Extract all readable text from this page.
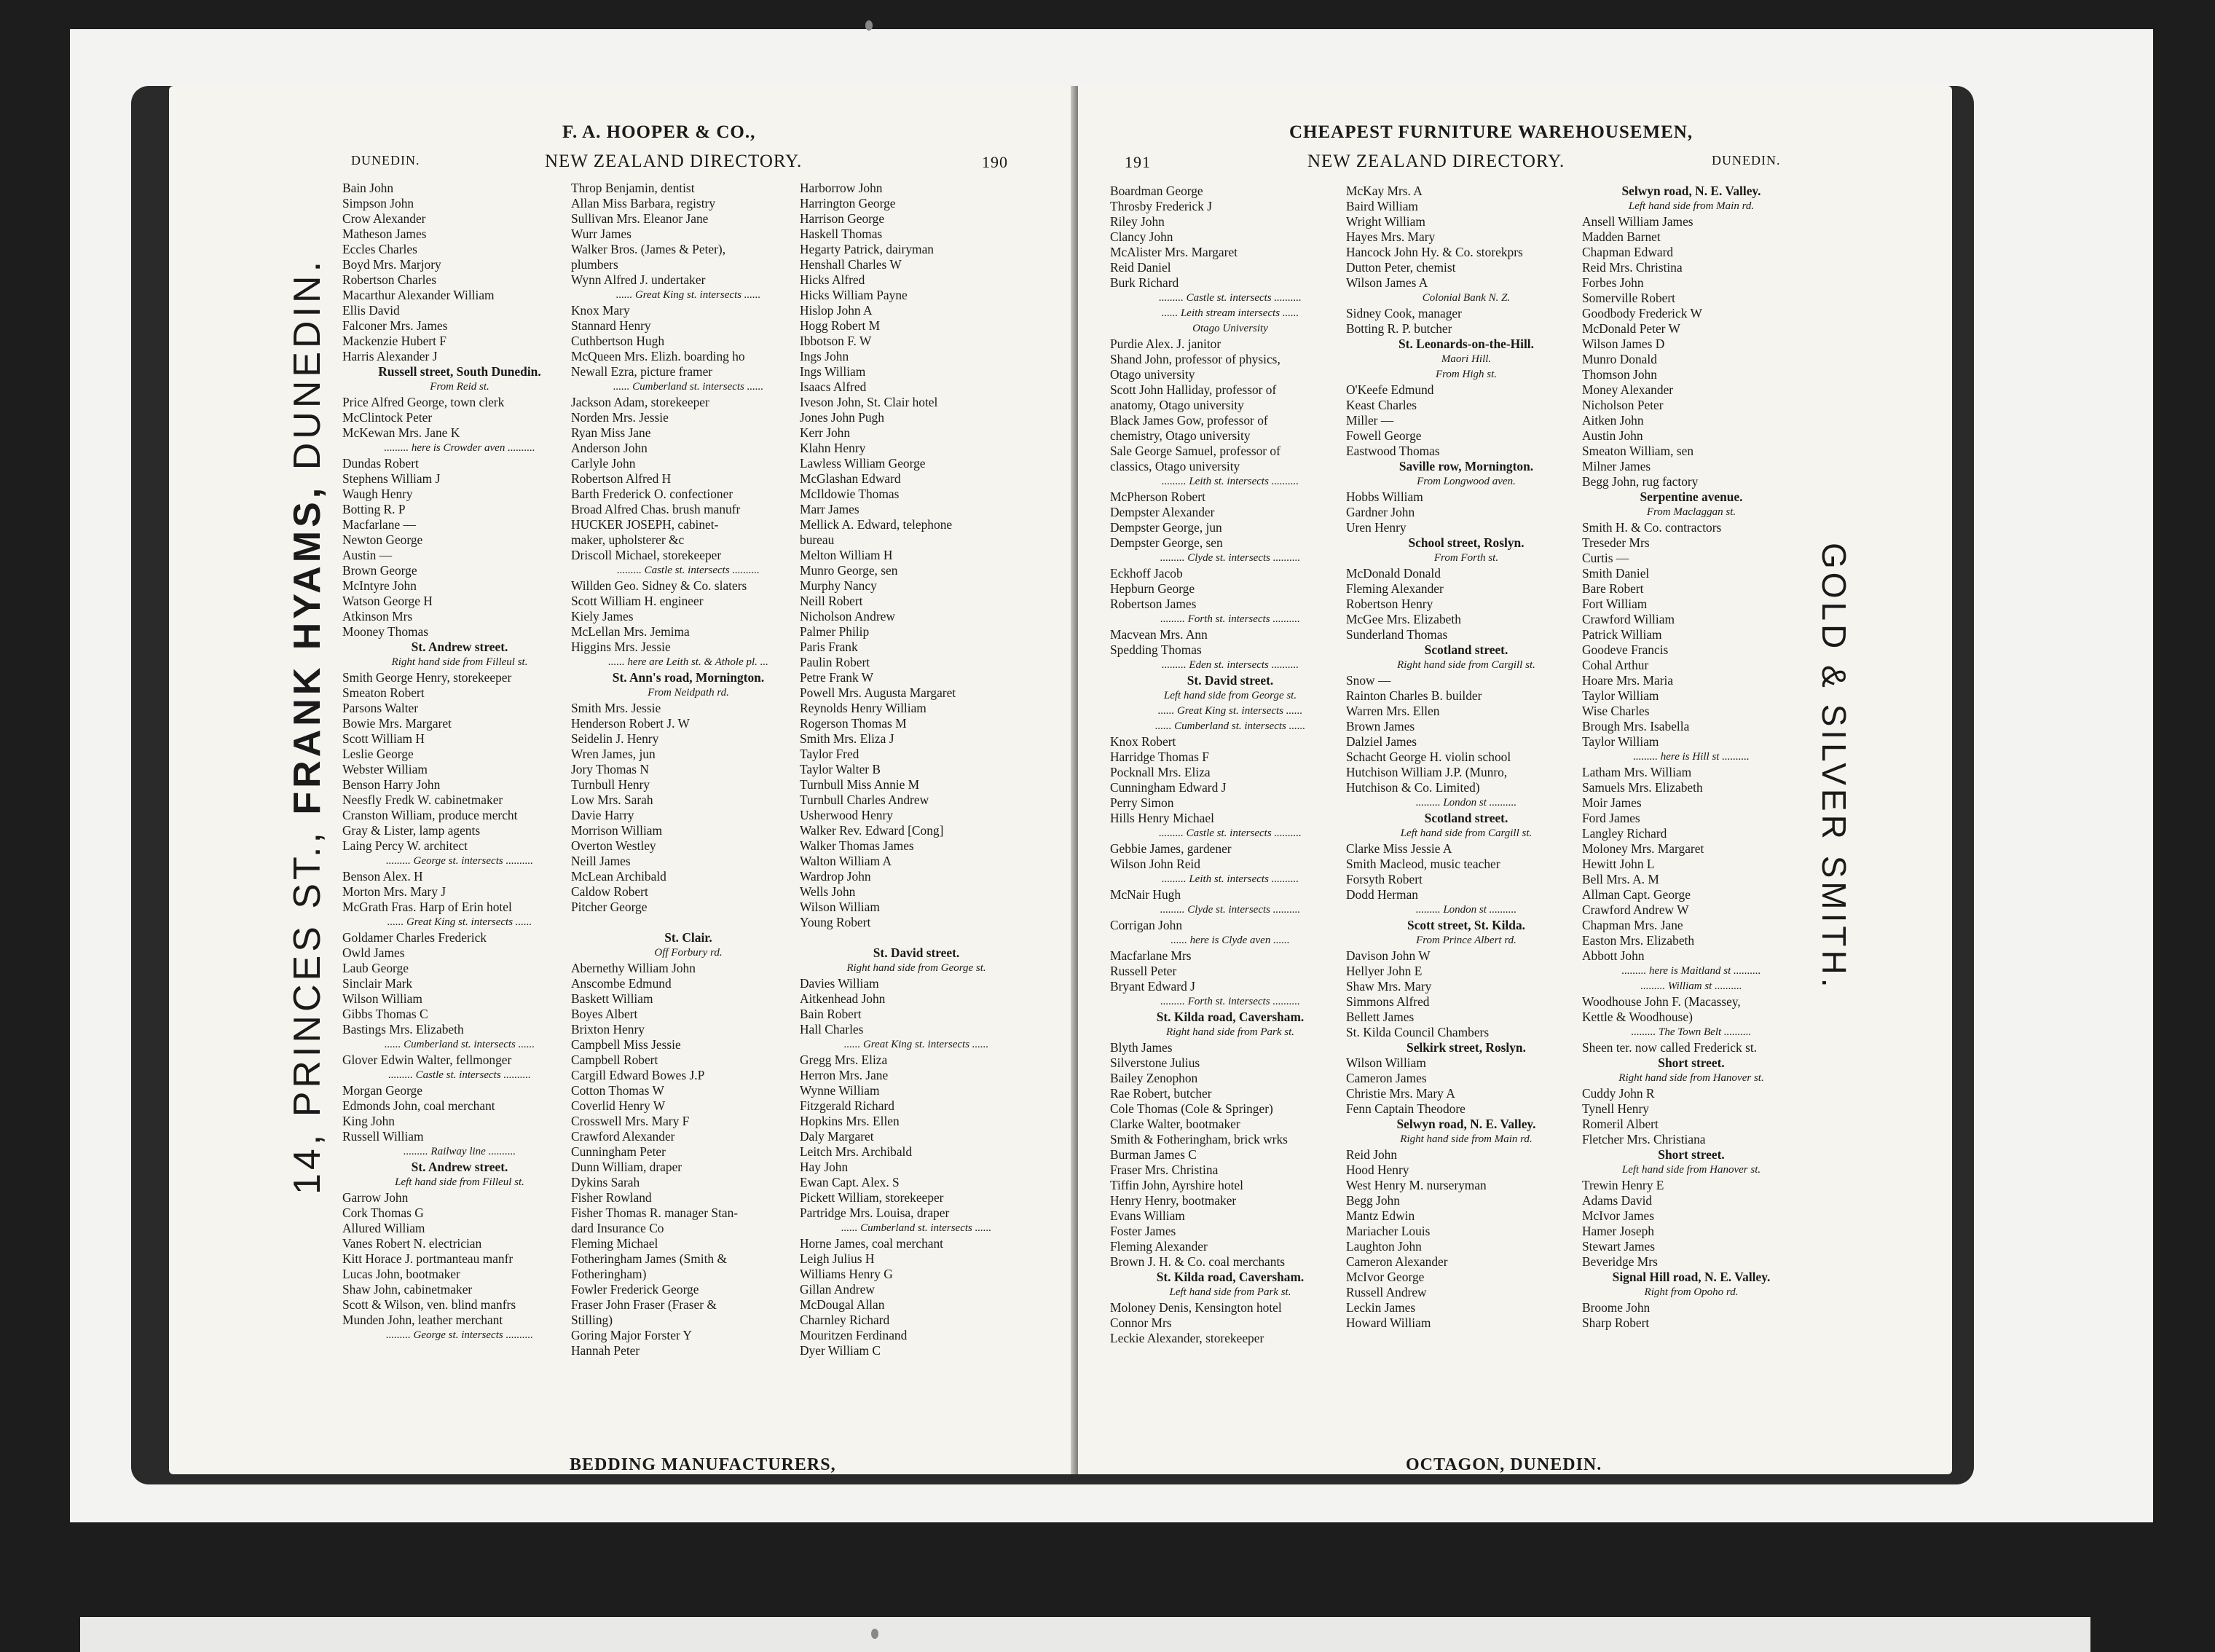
F. A. HOOPER & CO.,
DUNEDIN.	NEW ZEALAND DIRECTORY.	190
Bain John
Simpson John
Crow Alexander
Matheson James
Eccles Charles
Boyd Mrs. Marjory
Robertson Charles
Macarthur Alexander William
Ellis David
Falconer Mrs. James
Mackenzie Hubert F
Harris Alexander J
Russell street, South Dunedin.
From Reid st.
Price Alfred George, town clerk
McClintock Peter
McKewan Mrs. Jane K
......... here is Crowder aven ..........
Dundas Robert
Stephens William J
Waugh Henry
Botting R. P
Macfarlane —
Newton George
Austin —
Brown George
McIntyre John
Watson George H
Atkinson Mrs
Mooney Thomas
St. Andrew street.
Right hand side from Filleul st.
Smith George Henry, storekeeper
Smeaton Robert
Parsons Walter
Bowie Mrs. Margaret
Scott William H
Leslie George
Webster William
Benson Harry John
Neesfly Fredk W. cabinetmaker
Cranston William, produce mercht
Gray & Lister, lamp agents
Laing Percy W. architect
......... George st. intersects ..........
Benson Alex. H
Morton Mrs. Mary J
McGrath Fras. Harp of Erin hotel
...... Great King st. intersects ......
Goldamer Charles Frederick
Owld James
Laub George
Sinclair Mark
Wilson William
Gibbs Thomas C
Bastings Mrs. Elizabeth
...... Cumberland st. intersects ......
Glover Edwin Walter, fellmonger
......... Castle st. intersects ..........
Morgan George
Edmonds John, coal merchant
King John
Russell William
......... Railway line ..........
St. Andrew street.
Left hand side from Filleul st.
Garrow John
Cork Thomas G
Allured William
Vanes Robert N. electrician
Kitt Horace J. portmanteau manfr
Lucas John, bootmaker
Shaw John, cabinetmaker
Scott & Wilson, ven. blind manfrs
Munden John, leather merchant
......... George st. intersects ..........
Throp Benjamin, dentist
Allan Miss Barbara, registry
Sullivan Mrs. Eleanor Jane
Wurr James
Walker Bros. (James & Peter),
plumbers
Wynn Alfred J. undertaker
...... Great King st. intersects ......
Knox Mary
Stannard Henry
Cuthbertson Hugh
McQueen Mrs. Elizh. boarding ho
Newall Ezra, picture framer
...... Cumberland st. intersects ......
Jackson Adam, storekeeper
Norden Mrs. Jessie
Ryan Miss Jane
Anderson John
Carlyle John
Robertson Alfred H
Barth Frederick O. confectioner
Broad Alfred Chas. brush manufr
HUCKER JOSEPH, cabinet-
maker, upholsterer &c
Driscoll Michael, storekeeper
......... Castle st. intersects ..........
Willden Geo. Sidney & Co. slaters
Scott William H. engineer
Kiely James
McLellan Mrs. Jemima
Higgins Mrs. Jessie
...... here are Leith st. & Athole pl. ...
St. Ann's road, Mornington.
From Neidpath rd.
Smith Mrs. Jessie
Henderson Robert J. W
Seidelin J. Henry
Wren James, jun
Jory Thomas N
Turnbull Henry
Low Mrs. Sarah
Davie Harry
Morrison William
Overton Westley
Neill James
McLean Archibald
Caldow Robert
Pitcher George
St. Clair.
Off Forbury rd.
Abernethy William John
Anscombe Edmund
Baskett William
Boyes Albert
Brixton Henry
Campbell Miss Jessie
Campbell Robert
Cargill Edward Bowes J.P
Cotton Thomas W
Coverlid Henry W
Crosswell Mrs. Mary F
Crawford Alexander
Cunningham Peter
Dunn William, draper
Dykins Sarah
Fisher Rowland
Fisher Thomas R. manager Stan-
dard Insurance Co
Fleming Michael
Fotheringham James (Smith &
Fotheringham)
Fowler Frederick George
Fraser John Fraser (Fraser &
Stilling)
Goring Major Forster Y
Hannah Peter
Harborrow John
Harrington George
Harrison George
Haskell Thomas
Hegarty Patrick, dairyman
Henshall Charles W
Hicks Alfred
Hicks William Payne
Hislop John A
Hogg Robert M
Ibbotson F. W
Ings John
Ings William
Isaacs Alfred
Iveson John, St. Clair hotel
Jones John Pugh
Kerr John
Klahn Henry
Lawless William George
McGlashan Edward
McIldowie Thomas
Marr James
Mellick A. Edward, telephone
bureau
Melton William H
Munro George, sen
Murphy Nancy
Neill Robert
Nicholson Andrew
Palmer Philip
Paris Frank
Paulin Robert
Petre Frank W
Powell Mrs. Augusta Margaret
Reynolds Henry William
Rogerson Thomas M
Smith Mrs. Eliza J
Taylor Fred
Taylor Walter B
Turnbull Miss Annie M
Turnbull Charles Andrew
Usherwood Henry
Walker Rev. Edward [Cong]
Walker Thomas James
Walton William A
Wardrop John
Wells John
Wilson William
Young Robert
St. David street.
Right hand side from George st.
Davies William
Aitkenhead John
Bain Robert
Hall Charles
...... Great King st. intersects ......
Gregg Mrs. Eliza
Herron Mrs. Jane
Wynne William
Fitzgerald Richard
Hopkins Mrs. Ellen
Daly Margaret
Leitch Mrs. Archibald
Hay John
Ewan Capt. Alex. S
Pickett William, storekeeper
Partridge Mrs. Louisa, draper
...... Cumberland st. intersects ......
Horne James, coal merchant
Leigh Julius H
Williams Henry G
Gillan Andrew
McDougal Allan
Charnley Richard
Mouritzen Ferdinand
Dyer William C
BEDDING MANUFACTURERS,
CHEAPEST FURNITURE WAREHOUSEMEN,
191	NEW ZEALAND DIRECTORY.	DUNEDIN.
Boardman George
Throsby Frederick J
Riley John
Clancy John
McAlister Mrs. Margaret
Reid Daniel
Burk Richard
......... Castle st. intersects ..........
...... Leith stream intersects ......
Otago University
Purdie Alex. J. janitor
Shand John, professor of physics,
Otago university
Scott John Halliday, professor of
anatomy, Otago university
Black James Gow, professor of
chemistry, Otago university
Sale George Samuel, professor of
classics, Otago university
......... Leith st. intersects ..........
McPherson Robert
Dempster Alexander
Dempster George, jun
Dempster George, sen
......... Clyde st. intersects ..........
Eckhoff Jacob
Hepburn George
Robertson James
......... Forth st. intersects ..........
Macvean Mrs. Ann
Spedding Thomas
......... Eden st. intersects ..........
St. David street.
Left hand side from George st.
...... Great King st. intersects ......
...... Cumberland st. intersects ......
Knox Robert
Harridge Thomas F
Pocknall Mrs. Eliza
Cunningham Edward J
Perry Simon
Hills Henry Michael
......... Castle st. intersects ..........
Gebbie James, gardener
Wilson John Reid
......... Leith st. intersects ..........
McNair Hugh
......... Clyde st. intersects ..........
Corrigan John
...... here is Clyde aven ......
Macfarlane Mrs
Russell Peter
Bryant Edward J
......... Forth st. intersects ..........
St. Kilda road, Caversham.
Right hand side from Park st.
Blyth James
Silverstone Julius
Bailey Zenophon
Rae Robert, butcher
Cole Thomas (Cole & Springer)
Clarke Walter, bootmaker
Smith & Fotheringham, brick wrks
Burman James C
Fraser Mrs. Christina
Tiffin John, Ayrshire hotel
Henry Henry, bootmaker
Evans William
Foster James
Fleming Alexander
Brown J. H. & Co. coal merchants
St. Kilda road, Caversham.
Left hand side from Park st.
Moloney Denis, Kensington hotel
Connor Mrs
Leckie Alexander, storekeeper
McKay Mrs. A
Baird William
Wright William
Hayes Mrs. Mary
Hancock John Hy. & Co. storekprs
Dutton Peter, chemist
Wilson James A
Colonial Bank N. Z.
Sidney Cook, manager
Botting R. P. butcher
St. Leonards-on-the-Hill.
Maori Hill.
From High st.
O'Keefe Edmund
Keast Charles
Miller —
Fowell George
Eastwood Thomas
Saville row, Mornington.
From Longwood aven.
Hobbs William
Gardner John
Uren Henry
School street, Roslyn.
From Forth st.
McDonald Donald
Fleming Alexander
Robertson Henry
McGee Mrs. Elizabeth
Sunderland Thomas
Scotland street.
Right hand side from Cargill st.
Snow —
Rainton Charles B. builder
Warren Mrs. Ellen
Brown James
Dalziel James
Schacht George H. violin school
Hutchison William J.P. (Munro,
Hutchison & Co. Limited)
......... London st ..........
Scotland street.
Left hand side from Cargill st.
Clarke Miss Jessie A
Smith Macleod, music teacher
Forsyth Robert
Dodd Herman
......... London st ..........
Scott street, St. Kilda.
From Prince Albert rd.
Davison John W
Hellyer John E
Shaw Mrs. Mary
Simmons Alfred
Bellett James
St. Kilda Council Chambers
Selkirk street, Roslyn.
Wilson William
Cameron James
Christie Mrs. Mary A
Fenn Captain Theodore
Selwyn road, N. E. Valley.
Right hand side from Main rd.
Reid John
Hood Henry
West Henry M. nurseryman
Begg John
Mantz Edwin
Mariacher Louis
Laughton John
Cameron Alexander
McIvor George
Russell Andrew
Leckin James
Howard William
Selwyn road, N. E. Valley.
Left hand side from Main rd.
Ansell William James
Madden Barnet
Chapman Edward
Reid Mrs. Christina
Forbes John
Somerville Robert
Goodbody Frederick W
McDonald Peter W
Wilson James D
Munro Donald
Thomson John
Money Alexander
Nicholson Peter
Aitken John
Austin John
Smeaton William, sen
Milner James
Begg John, rug factory
Serpentine avenue.
From Maclaggan st.
Smith H. & Co. contractors
Treseder Mrs
Curtis —
Smith Daniel
Bare Robert
Fort William
Crawford William
Patrick William
Goodeve Francis
Cohal Arthur
Hoare Mrs. Maria
Taylor William
Wise Charles
Brough Mrs. Isabella
Taylor William
......... here is Hill st ..........
Latham Mrs. William
Samuels Mrs. Elizabeth
Moir James
Ford James
Langley Richard
Moloney Mrs. Margaret
Hewitt John L
Bell Mrs. A. M
Allman Capt. George
Crawford Andrew W
Chapman Mrs. Jane
Easton Mrs. Elizabeth
Abbott John
......... here is Maitland st ..........
......... William st ..........
Woodhouse John F. (Macassey,
Kettle & Woodhouse)
......... The Town Belt ..........
Sheen ter. now called Frederick st.
Short street.
Right hand side from Hanover st.
Cuddy John R
Tynell Henry
Romeril Albert
Fletcher Mrs. Christiana
Short street.
Left hand side from Hanover st.
Trewin Henry E
Adams David
McIvor James
Hamer Joseph
Stewart James
Beveridge Mrs
Signal Hill road, N. E. Valley.
Right from Opoho rd.
Broome John
Sharp Robert
OCTAGON, DUNEDIN.
14, PRINCES ST., FRANK HYAMS, DUNEDIN.
GOLD & SILVER SMITH.
